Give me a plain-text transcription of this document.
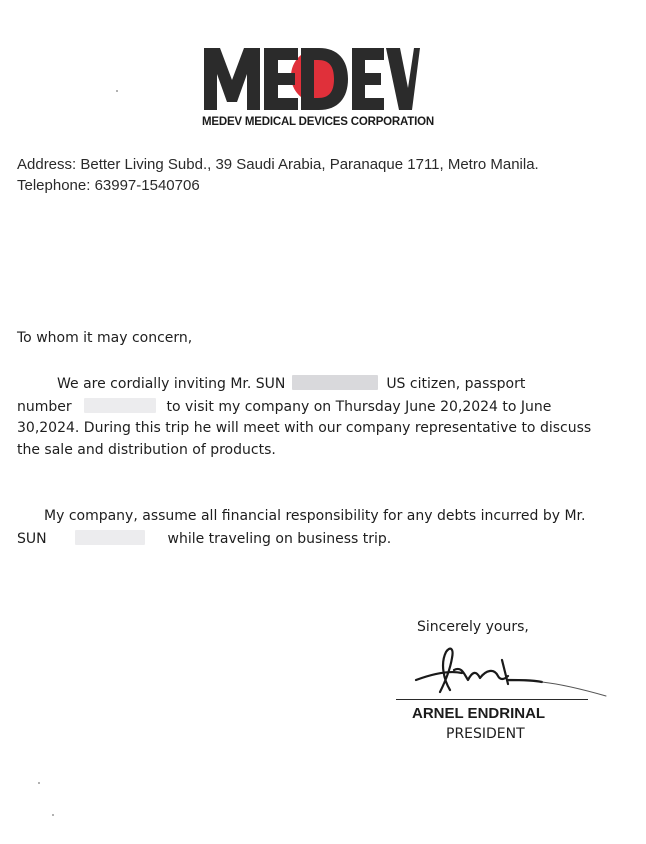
MEDEV MEDICAL DEVICES CORPORATION
Address: Better Living Subd., 39 Saudi Arabia, Paranaque 1711, Metro Manila.
Telephone: 63997-1540706
To whom it may concern,
We are cordially inviting Mr. SUN	US citizen, passport
number	to visit my company on Thursday June 20,2024 to June
30,2024. During this trip he will meet with our company representative to discuss
the sale and distribution of products.
My company, assume all financial responsibility for any debts incurred by Mr.
SUN	while traveling on business trip.
Sincerely yours,
ARNEL ENDRINAL
PRESIDENT
